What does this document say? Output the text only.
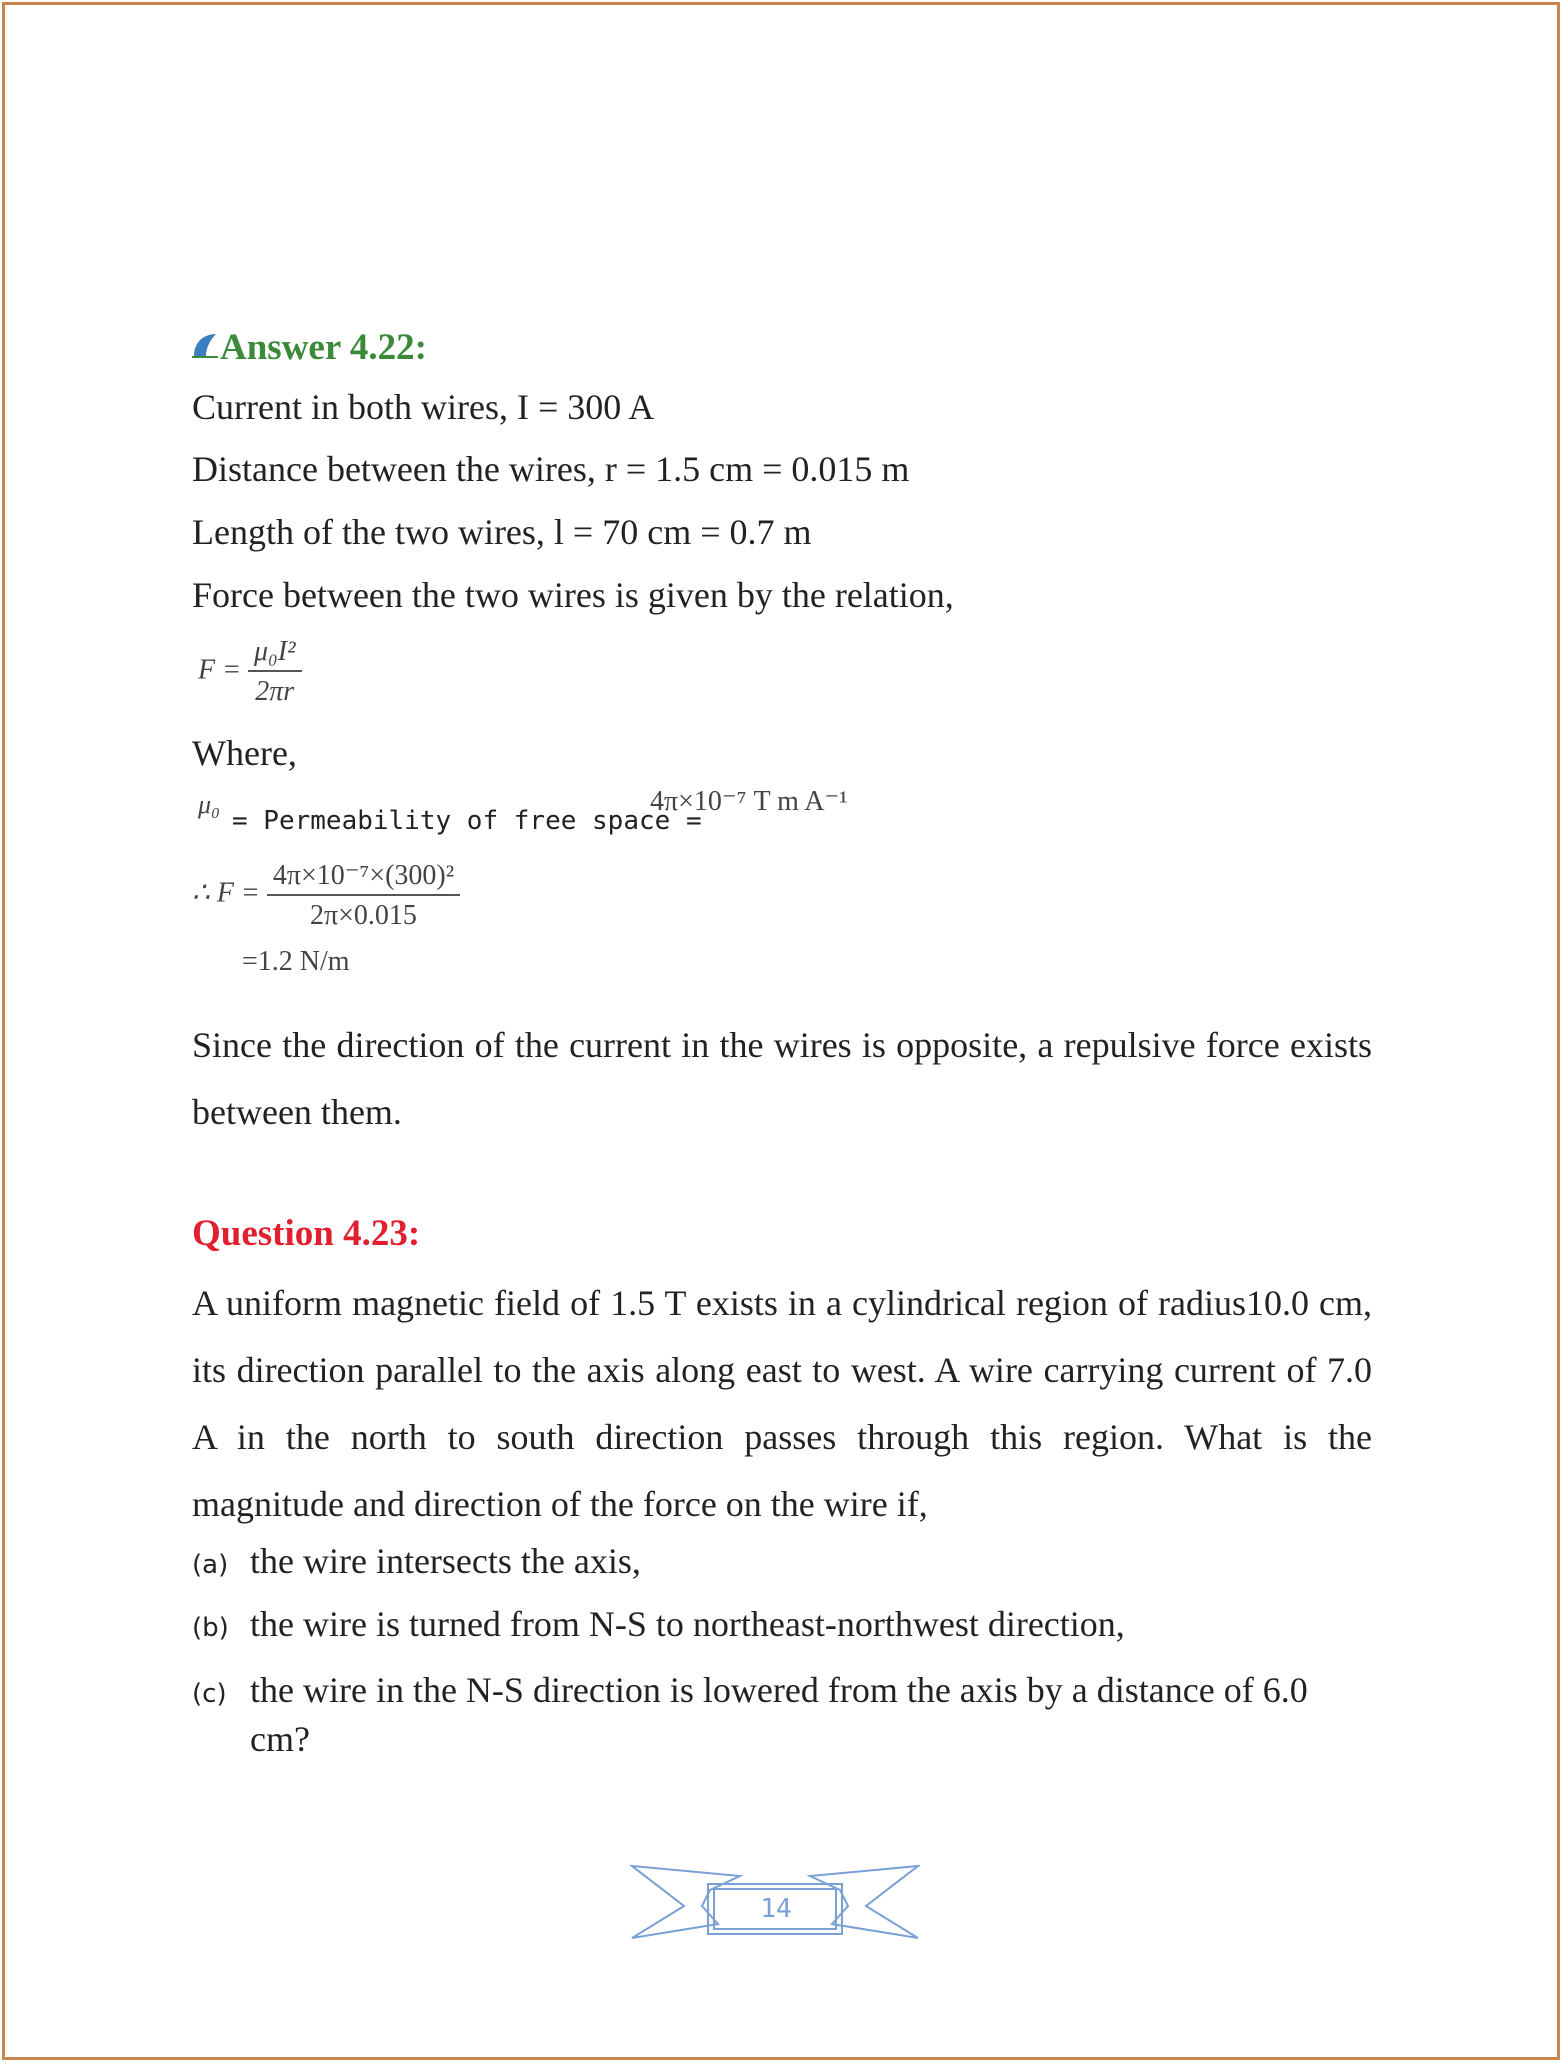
Answer 4.22:
Current in both wires, I = 300 A
Distance between the wires, r = 1.5 cm = 0.015 m
Length of the two wires, l = 70 cm = 0.7 m
Force between the two wires is given by the relation,
$F = \frac{\text{μ₀I²}}{2\pi r}$
Where,
μ₀
= Permeability of free space =
4π×10⁻⁷ T m A⁻¹
∴ $F = \frac{\text{4π×10⁻⁷×(300)²}}{2\pi\times 0.015}$
=1.2 N/m
Since the direction of the current in the wires is opposite, a repulsive force exists between them.
Question 4.23:
A uniform magnetic field of 1.5 T exists in a cylindrical region of radius10.0 cm, its direction parallel to the axis along east to west. A wire carrying current of 7.0 A in the north to south direction passes through this region. What is the magnitude and direction of the force on the wire if,
(a) the wire intersects the axis,
(b) the wire is turned from N-S to northeast-northwest direction,
(c) the wire in the N-S direction is lowered from the axis by a distance of 6.0 cm?
14
